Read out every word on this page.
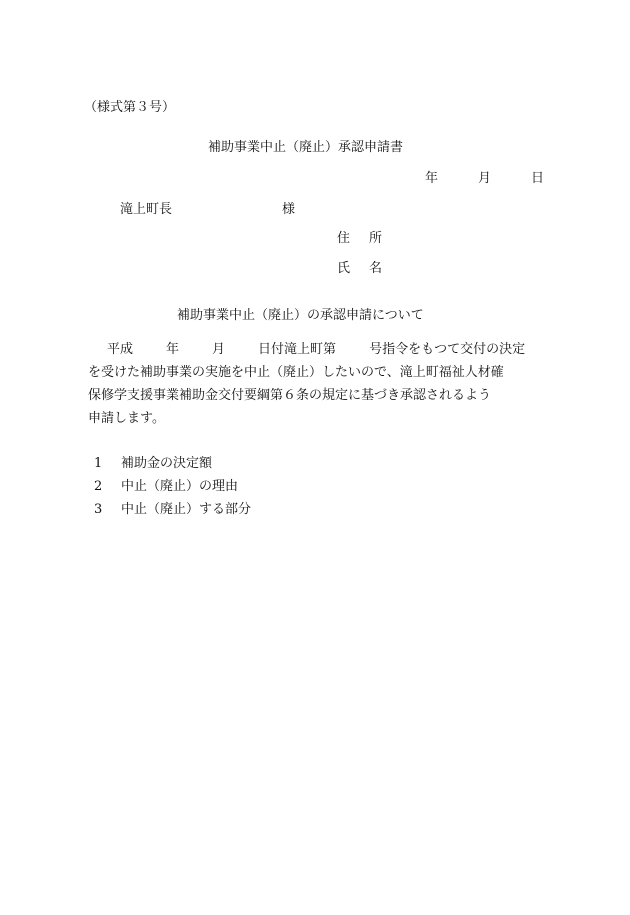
（様式第３号）
補助事業中止（廃止）承認申請書
年	月	日
滝上町長	様
住 所
氏 名
補助事業中止（廃止）の承認申請について
平成	年	月	日付滝上町第	号指令をもつて交付の決定
を受けた補助事業の実施を中止（廃止）したいので、滝上町福祉人材確
保修学支援事業補助金交付要綱第６条の規定に基づき承認されるよう
申請します。
1 補助金の決定額
2 中止（廃止）の理由
3 中止（廃止）する部分
